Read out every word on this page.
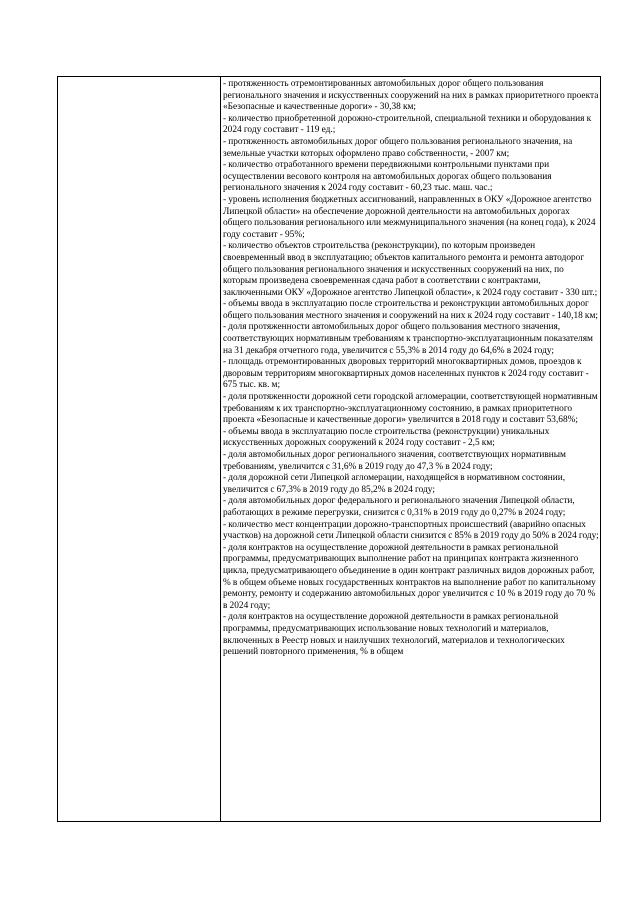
- протяженность отремонтированных автомобильных дорог общего пользования регионального значения и искусственных сооружений на них в рамках приоритетного проекта «Безопасные и качественные дороги» - 30,38 км;

- количество приобретенной дорожно-строительной, специальной техники и оборудования к 2024 году составит - 119 ед.;

- протяженность автомобильных дорог общего пользования регионального значения, на земельные участки которых оформлено право собственности, - 2007 км;

- количество отработанного времени передвижными контрольными пунктами при осуществлении весового контроля на автомобильных дорогах общего пользования регионального значения к 2024 году составит - 60,23 тыс. маш. час.;

- уровень исполнения бюджетных ассигнований, направленных в ОКУ «Дорожное агентство Липецкой области» на обеспечение дорожной деятельности на автомобильных дорогах общего пользования регионального или межмуниципального значения (на конец года), к 2024 году составит - 95%;

- количество объектов строительства (реконструкции), по которым произведен своевременный ввод в эксплуатацию; объектов капитального ремонта и ремонта автодорог общего пользования регионального значения и искусственных сооружений на них, по которым произведена своевременная сдача работ в соответствии с контрактами, заключенными ОКУ «Дорожное агентство Липецкой области», к 2024 году составит - 330 шт.;

- объемы ввода в эксплуатацию после строительства и реконструкции автомобильных дорог общего пользования местного значения и сооружений на них к 2024 году составит - 140,18 км;

- доля протяженности автомобильных дорог общего пользования местного значения, соответствующих нормативным требованиям к транспортно-эксплуатационным показателям на 31 декабря отчетного года, увеличится с 55,3% в 2014 году до 64,6% в 2024 году;

- площадь отремонтированных дворовых территорий многоквартирных домов, проездов к дворовым территориям многоквартирных домов населенных пунктов к 2024 году составит - 675 тыс. кв. м;

- доля протяженности дорожной сети городской агломерации, соответствующей нормативным требованиям к их транспортно-эксплуатационному состоянию, в рамках приоритетного проекта «Безопасные и качественные дороги» увеличится в 2018 году и составит 53,68%;

- объемы ввода в эксплуатацию после строительства (реконструкции) уникальных искусственных дорожных сооружений к 2024 году составит - 2,5 км;

- доля автомобильных дорог регионального значения, соответствующих нормативным требованиям, увеличится с 31,6% в 2019 году до 47,3 % в 2024 году;

- доля дорожной сети Липецкой агломерации, находящейся в нормативном состоянии, увеличится с 67,3% в 2019 году до 85,2% в 2024 году;

- доля автомобильных дорог федерального и регионального значения Липецкой области, работающих в режиме перегрузки, снизится с 0,31% в 2019 году до 0,27% в 2024 году;

- количество мест концентрации дорожно-транспортных происшествий (аварийно опасных участков) на дорожной сети Липецкой области снизится с 85% в 2019 году до 50% в 2024 году;

- доля контрактов на осуществление дорожной деятельности в рамках региональной программы, предусматривающих выполнение работ на принципах контракта жизненного цикла, предусматривающего объединение в один контракт различных видов дорожных работ, % в общем объеме новых государственных контрактов на выполнение работ по капитальному ремонту, ремонту и содержанию автомобильных дорог увеличится с 10 % в 2019 году до 70 % в 2024 году;

- доля контрактов на осуществление дорожной деятельности в рамках региональной программы, предусматривающих использование новых технологий и материалов, включенных в Реестр новых и наилучших технологий, материалов и технологических решений повторного применения, % в общем
